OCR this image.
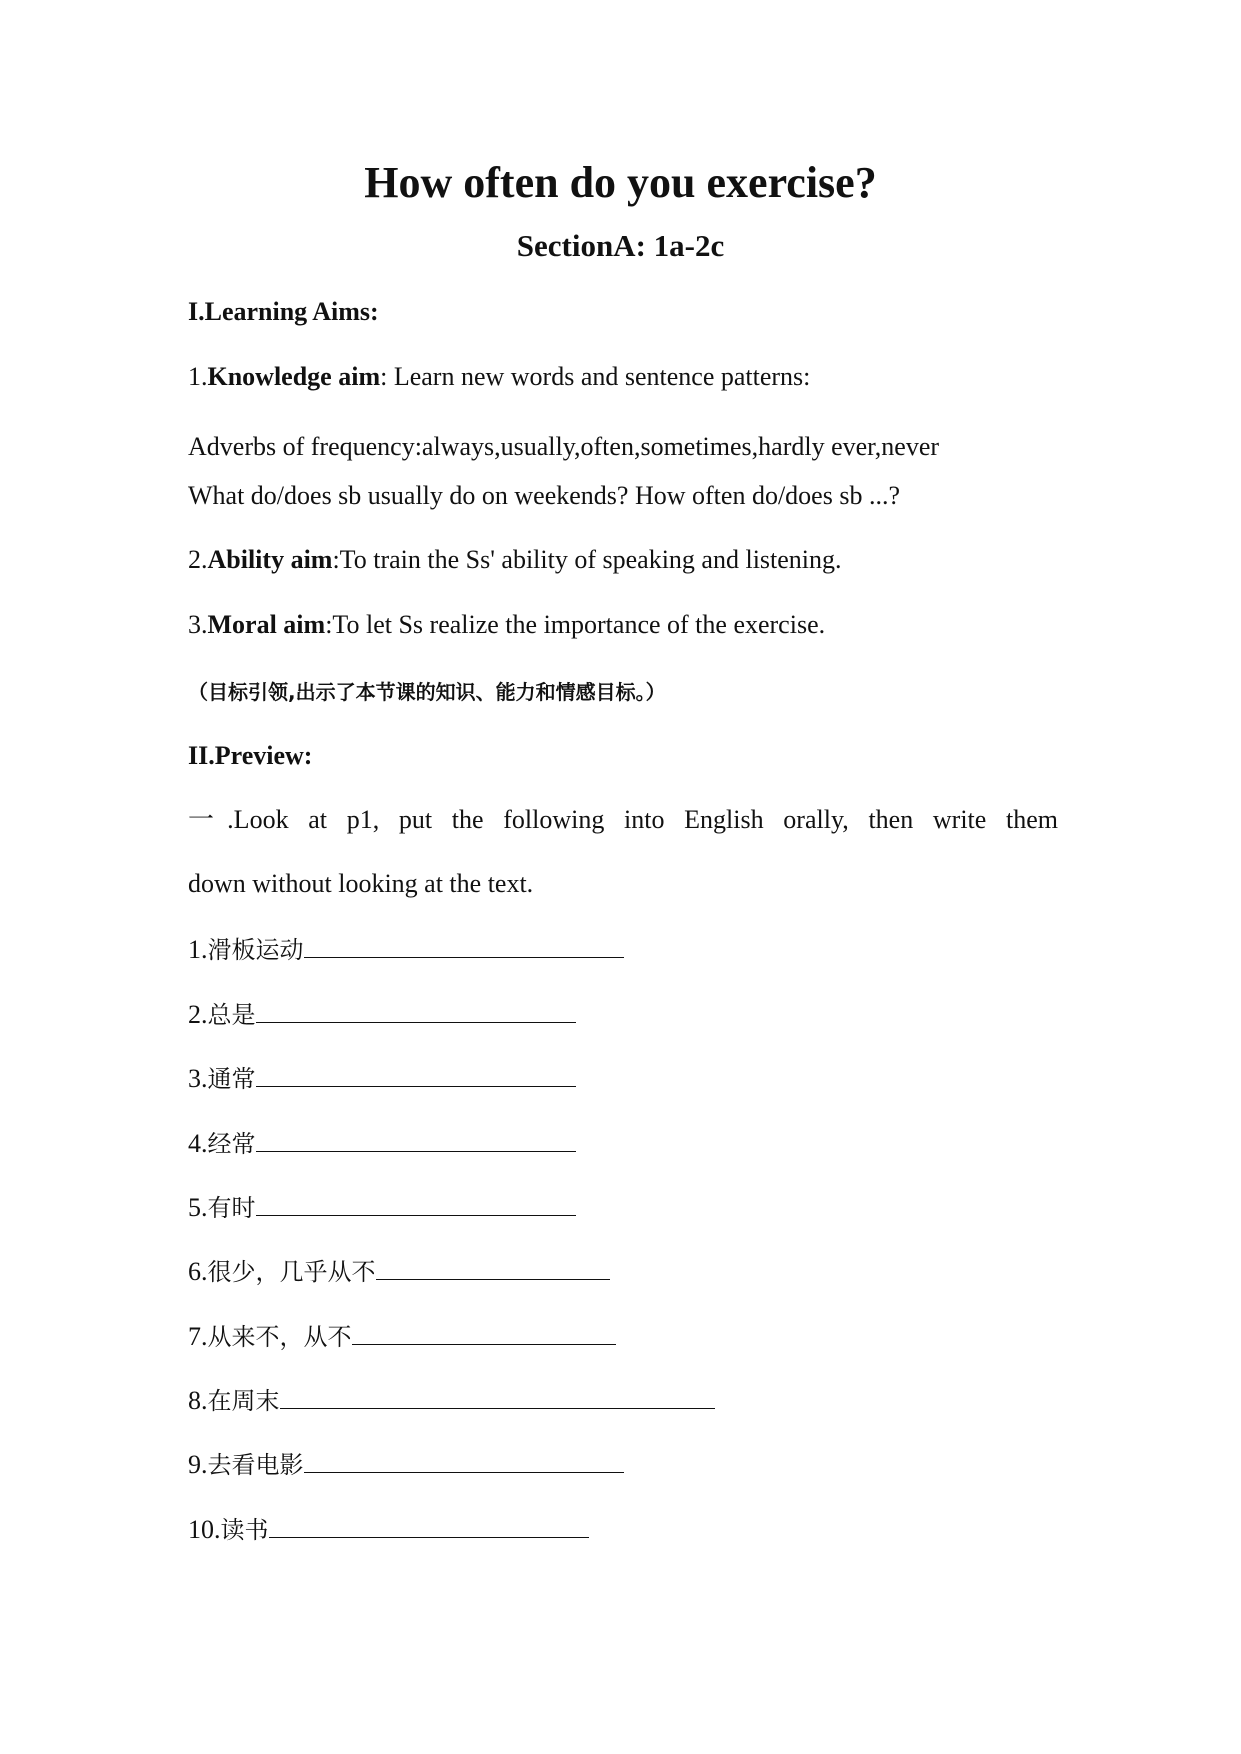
How often do you exercise?
SectionA: 1a-2c
I.Learning Aims:
1.Knowledge aim: Learn new words and sentence patterns:
Adverbs of frequency:always,usually,often,sometimes,hardly ever,never
What do/does sb usually do on weekends? How often do/does sb ...?
2.Ability aim:To train the Ss' ability of speaking and listening.
3.Moral aim:To let Ss realize the importance of the exercise.
（目标引领,出示了本节课的知识、能力和情感目标。）
II.Preview:
一.Look at p1, put the following into English orally, then write them
down without looking at the text.
1.滑板运动
2.总是
3.通常
4.经常
5.有时
6.很少，几乎从不
7.从来不，从不
8.在周末
9.去看电影
10.读书
